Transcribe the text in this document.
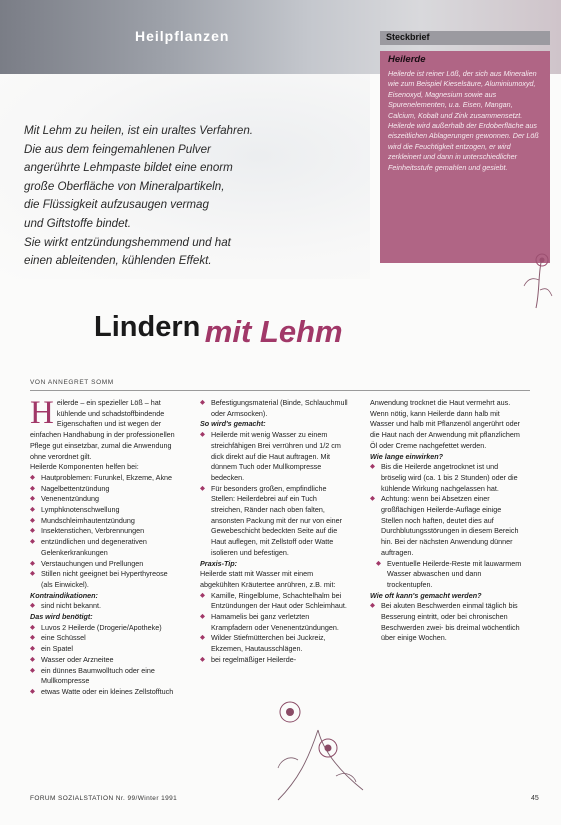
Heilpflanzen

Mit Lehm zu heilen, ist ein uraltes Verfahren.
Die aus dem feingemahlenen Pulver
angerührte Lehmpaste bildet eine enorm
große Oberfläche von Mineralpartikeln,
die Flüssigkeit aufzusaugen vermag
und Giftstoffe bindet.
Sie wirkt entzündungshemmend und hat
einen ableitenden, kühlenden Effekt.

Steckbrief
Heilerde

Heilerde ist reiner Löß, der sich aus Mineralien wie zum Beispiel Kieselsäure, Aluminiumoxyd, Eisenoxyd, Magnesium sowie aus Spurenelementen, u.a. Eisen, Mangan, Calcium, Kobalt und Zink zusammensetzt. Heilerde wird außerhalb der Erdoberfläche aus eiszeitlichen Ablagerungen gewonnen. Der Löß wird die Feuchtigkeit entzogen, er wird zerkleinert und dann in unterschiedlicher Feinheitsstufe gemahlen und gesiebt.

Lindern mit Lehm
VON ANNEGRET SOMM
H eilerde – ein spezieller Löß – hat kühlende und schadstoffbindende Eigenschaften und ist wegen der einfachen Handhabung in der professionellen Pflege gut einsetzbar, zumal die Anwendung ohne verordnet gilt.

Heilerde Komponenten helfen bei:

◆ Hautproblemen: Furunkel, Ekzeme, Akne

◆ Nagelbettentzündung

◆ Venenentzündung

◆ Lymphknotenschwellung

◆ Mundschleimhautentzündung

◆ Insektenstichen, Verbrennungen

◆ entzündlichen und degenerativen Gelenkerkrankungen

◆ Verstauchungen und Prellungen

◆ Stillen nicht geeignet bei Hyperthyreose (als Einwickel).

Kontraindikationen:

◆ sind nicht bekannt.

Das wird benötigt:

◆ Luvos 2 Heilerde (Drogerie/Apotheke)

◆ eine Schüssel

◆ ein Spatel

◆ Wasser oder Arzneitee

◆ ein dünnes Baumwolltuch oder eine Mullkompresse

◆ etwas Watte oder ein kleines Zellstofftuch

◆ Befestigungsmaterial (Binde, Schlauchmull oder Armsocken).

So wird's gemacht:

◆ Heilerde mit wenig Wasser zu einem streichfähigen Brei verrühren und 1/2 cm dick direkt auf die Haut auftragen. Mit dünnem Tuch oder Mullkompresse bedecken.

◆ Für besonders großen, empfindliche Stellen: Heilerdebrei auf ein Tuch streichen, Ränder nach oben falten, ansonsten Packung mit der nur von einer Gewebeschicht bedeckten Seite auf die Haut auflegen, mit Zellstoff oder Watte isolieren und befestigen.

Praxis-Tip:

Heilerde statt mit Wasser mit einem abgekühlten Kräutertee anrühren, z.B. mit:

◆ Kamille, Ringelblume, Schachtelhalm bei Entzündungen der Haut oder Schleimhaut.

◆ Hamamelis bei ganz verletzten Krampfadern oder Venenentzündungen.

◆ Wilder Stiefmütterchen bei Juckreiz, Ekzemen, Hautausschlägen.

◆ bei regelmäßiger Heilerde-

Anwendung trocknet die Haut vermehrt aus. Wenn nötig, kann Heilerde dann halb mit Wasser und halb mit Pflanzenöl angerührt oder die Haut nach der Anwendung mit pflanzlichem Öl oder Creme nachgefettet werden.

Wie lange einwirken?

◆ Bis die Heilerde angetrocknet ist und bröselig wird (ca. 1 bis 2 Stunden) oder die kühlende Wirkung nachgelassen hat.

◆ Achtung: wenn bei Absetzen einer großflächigen Heilerde-Auflage einige Stellen noch haften, deutet dies auf Durchblutungsstörungen in diesem Bereich hin. Bei der nächsten Anwendung dünner auftragen.

◆ Eventuelle Heilerde-Reste mit lauwarmem Wasser abwaschen und dann trockentupfen.

Wie oft kann's gemacht werden?

◆ Bei akuten Beschwerden einmal täglich bis Besserung eintritt, oder bei chronischen Beschwerden zwei- bis dreimal wöchentlich über einige Wochen.

FORUM SOZIALSTATION Nr. 99/Winter 1991	45
